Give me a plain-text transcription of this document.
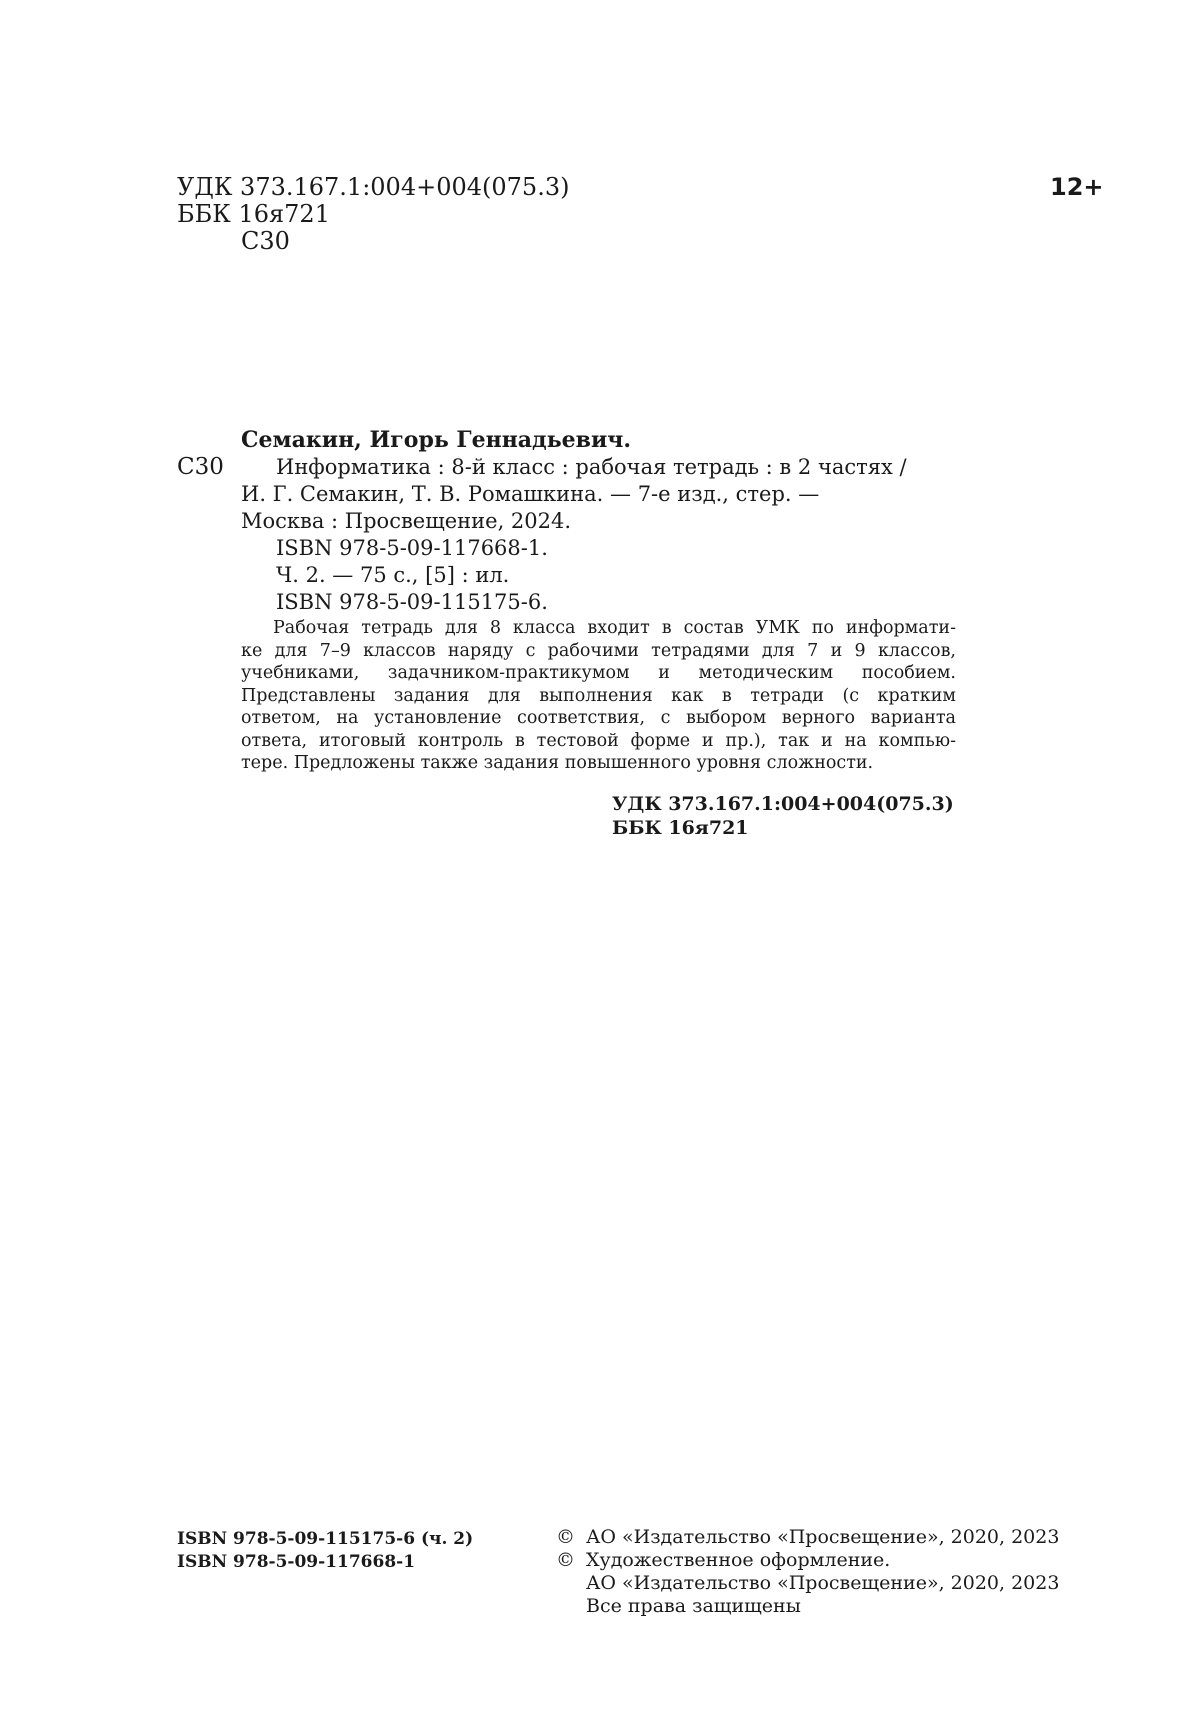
УДК 373.167.1:004+004(075.3)
ББК 16я721
С30
12+
С30
Семакин, Игорь Геннадьевич.
Информатика : 8-й класс : рабочая тетрадь : в 2 частях /
И. Г. Семакин, Т. В. Ромашкина. — 7-е изд., стер. —
Москва : Просвещение, 2024.
ISBN 978-5-09-117668-1.
Ч. 2. — 75 с., [5] : ил.
ISBN 978-5-09-115175-6.
Рабочая тетрадь для 8 класса входит в состав УМК по информати-
ке для 7–9 классов наряду с рабочими тетрадями для 7 и 9 классов,
учебниками, задачником-практикумом и методическим пособием.
Представлены задания для выполнения как в тетради (с кратким
ответом, на установление соответствия, с выбором верного варианта
ответа, итоговый контроль в тестовой форме и пр.), так и на компью-
тере. Предложены также задания повышенного уровня сложности.
УДК 373.167.1:004+004(075.3)
ББК 16я721
ISBN 978-5-09-115175-6 (ч. 2)
ISBN 978-5-09-117668-1
© АО «Издательство «Просвещение», 2020, 2023
© Художественное оформление.
АО «Издательство «Просвещение», 2020, 2023
Все права защищены
